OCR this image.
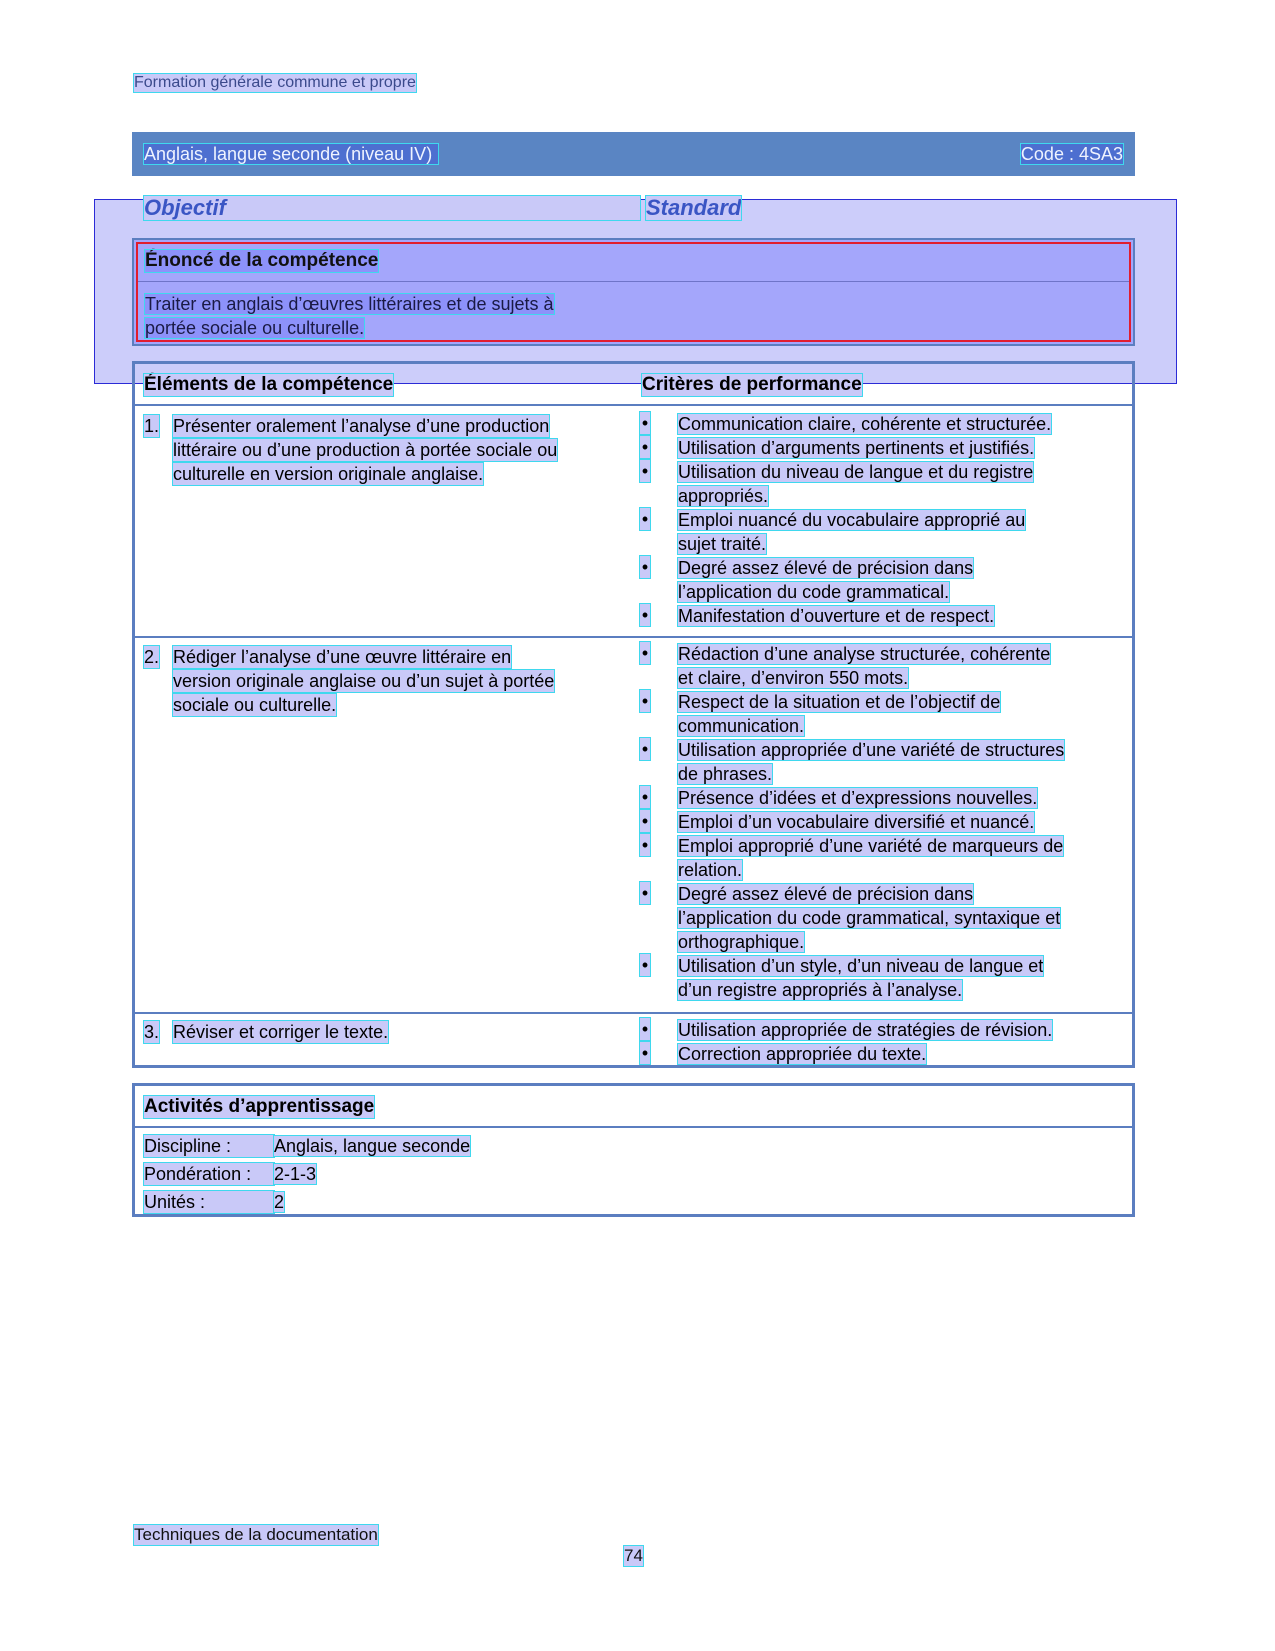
Formation générale commune et propre
Anglais, langue seconde (niveau IV)	Code : 4SA3
Objectif	Standard
Énoncé de la compétence
Traiter en anglais d’œuvres littéraires et de sujets à
portée sociale ou culturelle.
Éléments de la compétence	Critères de performance
1. Présenter oralement l’analyse d’une production
littéraire ou d’une production à portée sociale ou
culturelle en version originale anglaise.
• Communication claire, cohérente et structurée.
• Utilisation d’arguments pertinents et justifiés.
• Utilisation du niveau de langue et du registre
appropriés.
• Emploi nuancé du vocabulaire approprié au
sujet traité.
• Degré assez élevé de précision dans
l’application du code grammatical.
• Manifestation d’ouverture et de respect.
2. Rédiger l’analyse d’une œuvre littéraire en
version originale anglaise ou d’un sujet à portée
sociale ou culturelle.
• Rédaction d’une analyse structurée, cohérente
et claire, d’environ 550 mots.
• Respect de la situation et de l’objectif de
communication.
• Utilisation appropriée d’une variété de structures
de phrases.
• Présence d’idées et d’expressions nouvelles.
• Emploi d’un vocabulaire diversifié et nuancé.
• Emploi approprié d’une variété de marqueurs de
relation.
• Degré assez élevé de précision dans
l’application du code grammatical, syntaxique et
orthographique.
• Utilisation d’un style, d’un niveau de langue et
d’un registre appropriés à l’analyse.
3. Réviser et corriger le texte.	• Utilisation appropriée de stratégies de révision.
• Correction appropriée du texte.
Activités d’apprentissage
Discipline : Anglais, langue seconde
Pondération : 2-1-3
Unités :	2
Techniques de la documentation
74
